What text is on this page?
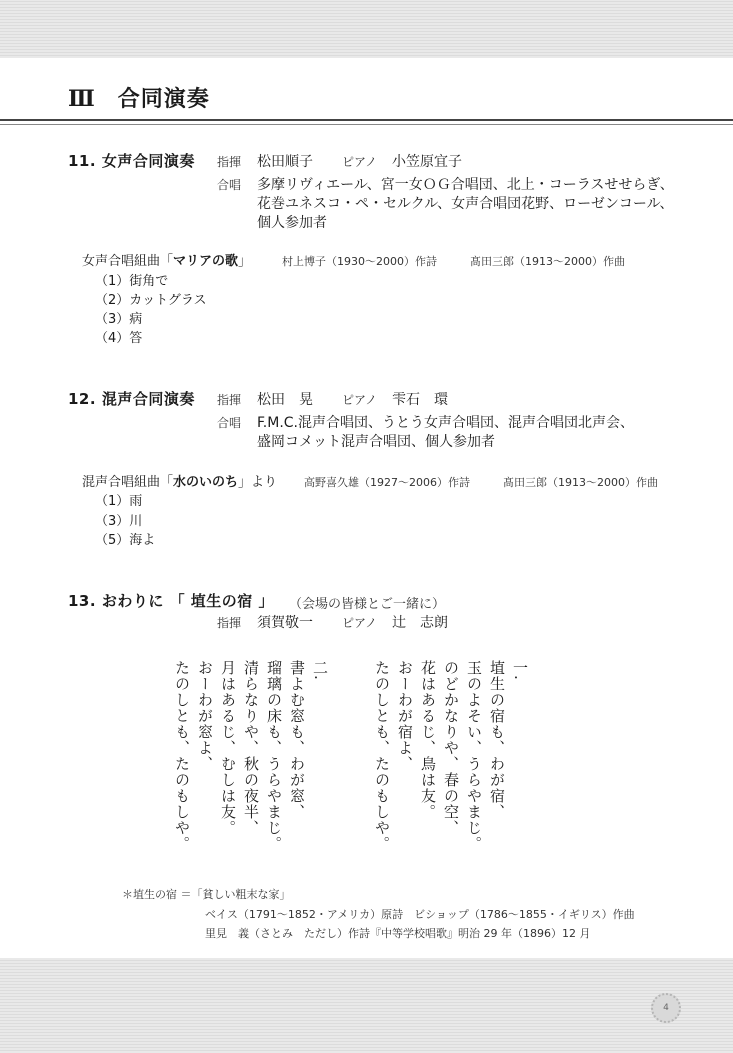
Ⅲ 合同演奏
11. 女声合同演奏 指揮 松田順子 ピアノ 小笠原宜子
合唱 多摩リヴィエール、宮一女ＯＧ合唱団、北上・コーラスせせらぎ、
花巻ユネスコ・ペ・セルクル、女声合唱団花野、ローゼンコール、
個人参加者
女声合唱組曲「マリアの歌」	村上博子（1930～2000）作詩	髙田三郎（1913～2000）作曲
（1）街角で
（2）カットグラス
（3）病
（4）答
12. 混声合同演奏 指揮 松田　晃 ピアノ 雫石　環
合唱 F.M.C.混声合唱団、うとう女声合唱団、混声合唱団北声会、
盛岡コメット混声合唱団、個人参加者
混声合唱組曲「水のいのち」より 高野喜久雄（1927～2006）作詩	髙田三郎（1913～2000）作曲
（1）雨
（3）川
（5）海よ
13. おわりに 「 埴生の宿 」 （会場の皆様とご一緒に）
指揮 須賀敬一 ピアノ 辻　志朗
一.
埴生の宿も、わが宿、
玉のよそい、うらやまじ。
のどかなりや、春の空、
花はあるじ、鳥は友。
おーわが宿よ、
たのしとも、たのもしや。
二.
書よむ窓も、わが窓、
瑠璃の床も、うらやまじ。
清らなりや、秋の夜半、
月はあるじ、むしは友。
おーわが窓よ、
たのしとも、たのもしや。
＊埴生の宿 ＝「貧しい粗末な家」
ベイス（1791～1852・アメリカ）原詩　ビショップ（1786～1855・イギリス）作曲
里見　義（さとみ　ただし）作詩『中等学校唱歌』明治 29 年（1896）12 月
4
